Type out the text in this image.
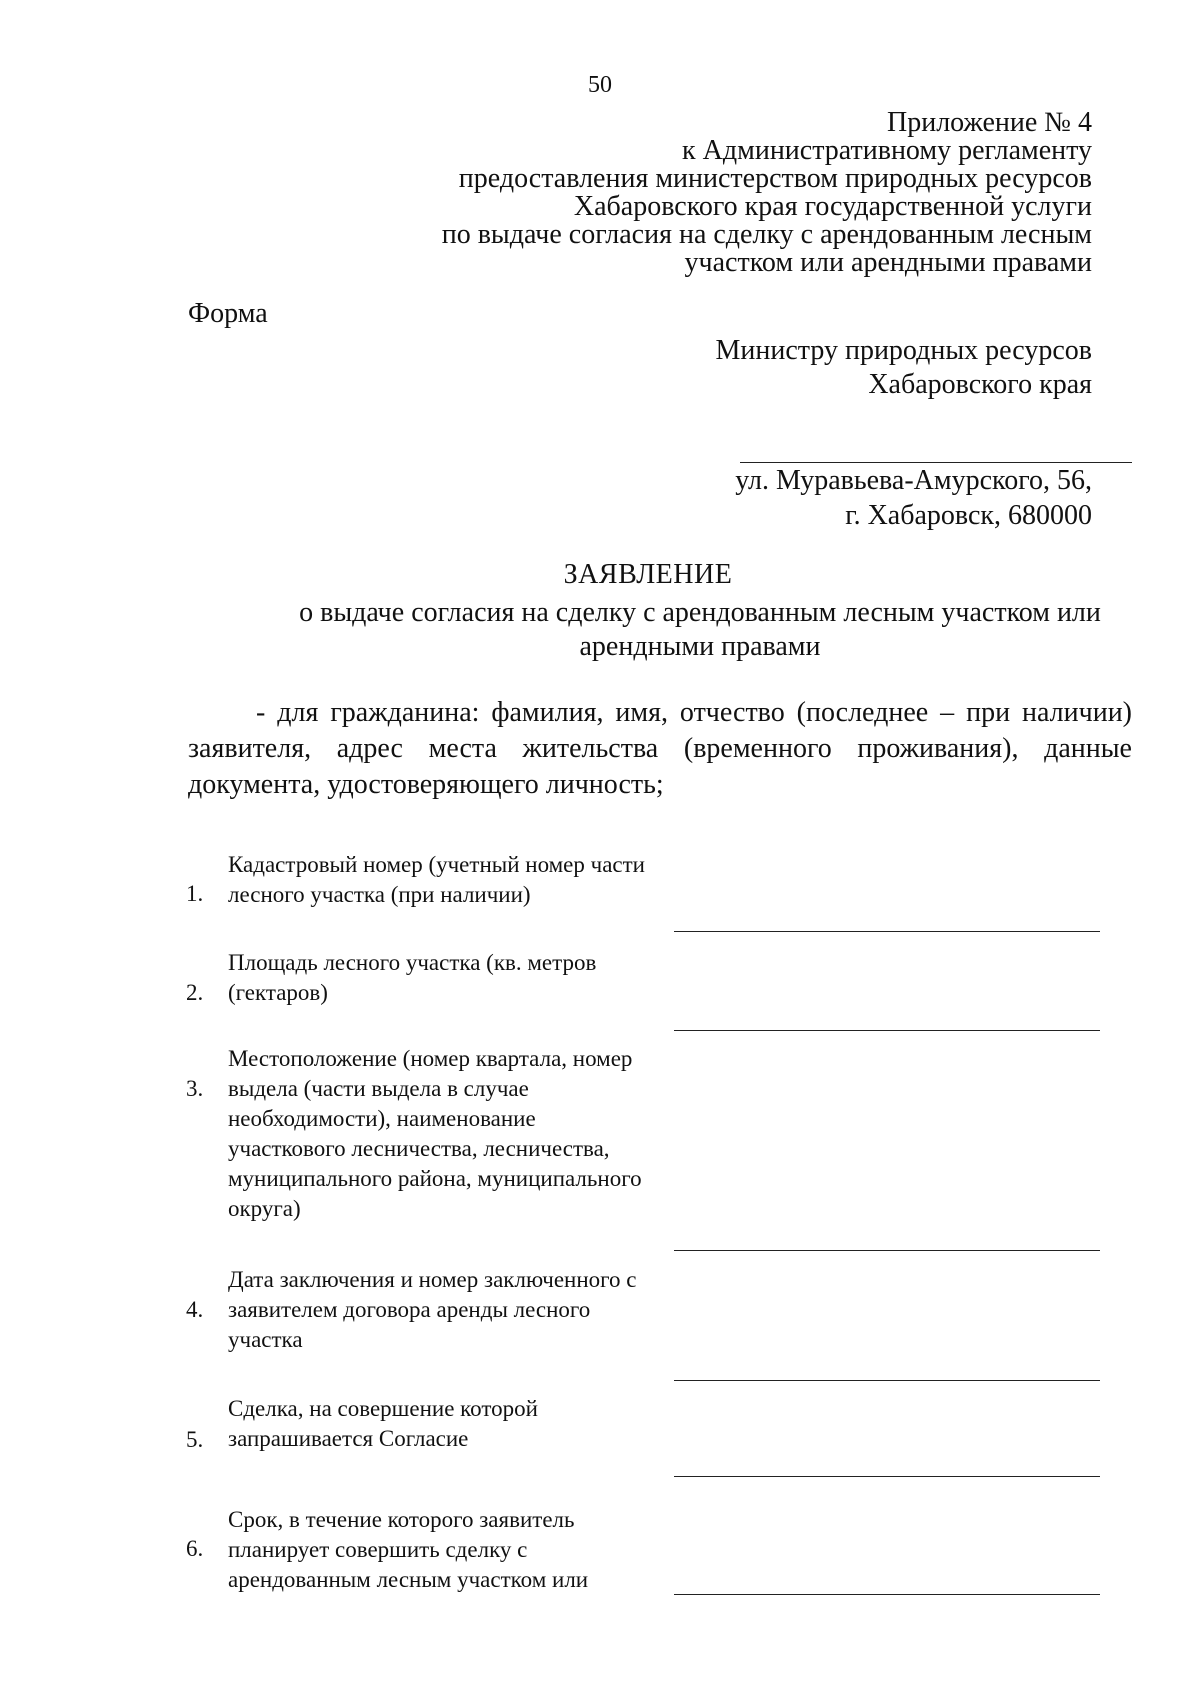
50
Приложение № 4
к Административному регламенту
предоставления министерством природных ресурсов
Хабаровского края государственной услуги
по выдаче согласия на сделку с арендованным лесным
участком или арендными правами
Форма
Министру природных ресурсов
Хабаровского края
ул. Муравьева-Амурского, 56,
г. Хабаровск, 680000
ЗАЯВЛЕНИЕ
о выдаче согласия на сделку с арендованным лесным участком или
арендными правами
- для гражданина: фамилия, имя, отчество (последнее – при наличии)
заявителя, адрес места жительства (временного проживания), данные
документа, удостоверяющего личность;
1.
Кадастровый номер (учетный номер части
лесного участка (при наличии)
2.
Площадь лесного участка (кв. метров
(гектаров)
3.
Местоположение (номер квартала, номер
выдела (части выдела в случае
необходимости), наименование
участкового лесничества, лесничества,
муниципального района, муниципального
округа)
4.
Дата заключения и номер заключенного с
заявителем договора аренды лесного
участка
5.
Сделка, на совершение которой
запрашивается Согласие
6.
Срок, в течение которого заявитель
планирует совершить сделку с
арендованным лесным участком или
